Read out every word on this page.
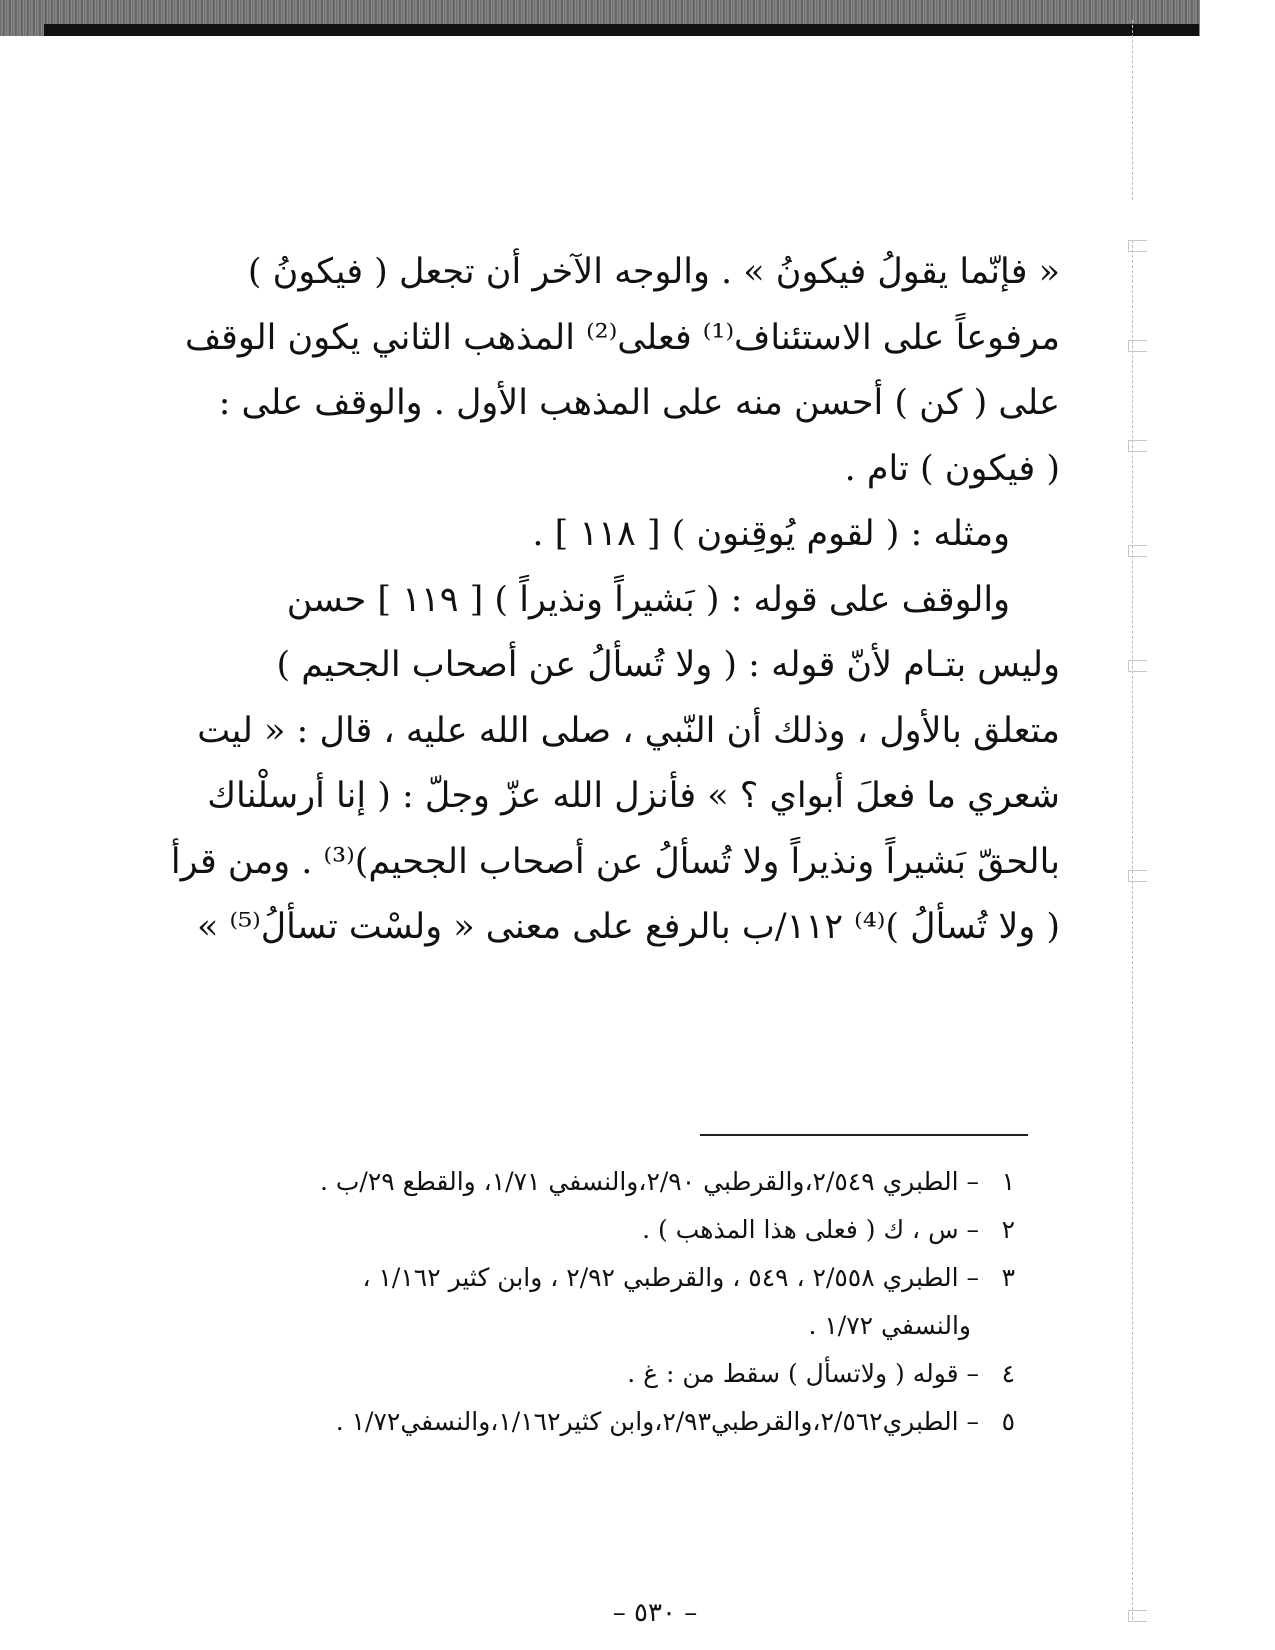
« فإنّما يقولُ فيكونُ » . والوجه الآخر أن تجعل ( فيكونُ )
مرفوعاً على الاستئناف⁽¹⁾ فعلى⁽²⁾ المذهب الثاني يكون الوقف
على ( كن ) أحسن منه على المذهب الأول . والوقف على :
( فيكون ) تام .
ومثله : ( لقوم يُوقِنون ) [ ١١٨ ] .
والوقف على قوله : ( بَشيراً ونذيراً ) [ ١١٩ ] حسن
وليس بتـام لأنّ قوله : ( ولا تُسألُ عن أصحاب الجحيم )
متعلق بالأول ، وذلك أن النّبي ، صلى الله عليه ، قال : « ليت
شعري ما فعلَ أبواي ؟ » فأنزل الله عزّ وجلّ : ( إنا أرسلْناك
بالحقّ بَشيراً ونذيراً ولا تُسألُ عن أصحاب الجحيم)⁽³⁾ . ومن قرأ
( ولا تُسألُ )⁽⁴⁾ ١١٢/ب بالرفع على معنى « ولسْت تسألُ⁽⁵⁾ »
١ – الطبري ٢/٥٤٩،والقرطبي ٢/٩٠،والنسفي ١/٧١، والقطع ٢٩/ب .
٢ – س ، ك ( فعلى هذا المذهب ) .
٣ – الطبري ٢/٥٥٨ ، ٥٤٩ ، والقرطبي ٢/٩٢ ، وابن كثير ١/١٦٢ ،
والنسفي ١/٧٢ .
٤ – قوله ( ولاتسأل ) سقط من : غ .
٥ – الطبري٢/٥٦٢،والقرطبي٢/٩٣،وابن كثير١/١٦٢،والنسفي١/٧٢ .
– ٥٣٠ –
